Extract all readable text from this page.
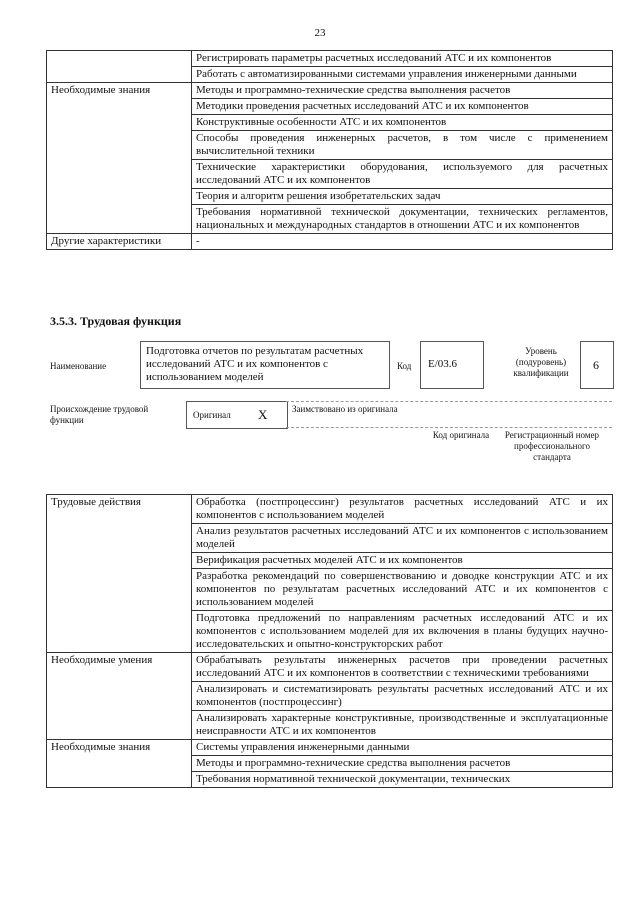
23
	Регистрировать параметры расчетных исследований АТС и их компонентов
	Работать с автоматизированными системами управления инженерными данными
Необходимые знания	Методы и программно-технические средства выполнения расчетов
	Методики проведения расчетных исследований АТС и их компонентов
	Конструктивные особенности АТС и их компонентов
	Способы проведения инженерных расчетов, в том числе с применением вычислительной техники
	Технические характеристики оборудования, используемого для расчетных исследований АТС и их компонентов
	Теория и алгоритм решения изобретательских задач
	Требования нормативной технической документации, технических регламентов, национальных и международных стандартов в отношении АТС и их компонентов
Другие характеристики	-
3.5.3. Трудовая функция
Наименование
Подготовка отчетов по результатам расчетных исследований АТС и их компонентов с использованием моделей
Код E/03.6
Уровень (подуровень) квалификации
6
Происхождение трудовой функции	Оригинал X	Заимствовано из оригинала
Код оригинала	Регистрационный номер профессионального стандарта
Трудовые действия	Обработка (постпроцессинг) результатов расчетных исследований АТС и их компонентов с использованием моделей
	Анализ результатов расчетных исследований АТС и их компонентов с использованием моделей
	Верификация расчетных моделей АТС и их компонентов
	Разработка рекомендаций по совершенствованию и доводке конструкции АТС и их компонентов по результатам расчетных исследований АТС и их компонентов с использованием моделей
	Подготовка предложений по направлениям расчетных исследований АТС и их компонентов с использованием моделей для их включения в планы будущих научно-исследовательских и опытно-конструкторских работ
Необходимые умения	Обрабатывать результаты инженерных расчетов при проведении расчетных исследований АТС и их компонентов в соответствии с техническими требованиями
	Анализировать и систематизировать результаты расчетных исследований АТС и их компонентов (постпроцессинг)
	Анализировать характерные конструктивные, производственные и эксплуатационные неисправности АТС и их компонентов
Необходимые знания	Системы управления инженерными данными
	Методы и программно-технические средства выполнения расчетов
	Требования нормативной технической документации, технических
